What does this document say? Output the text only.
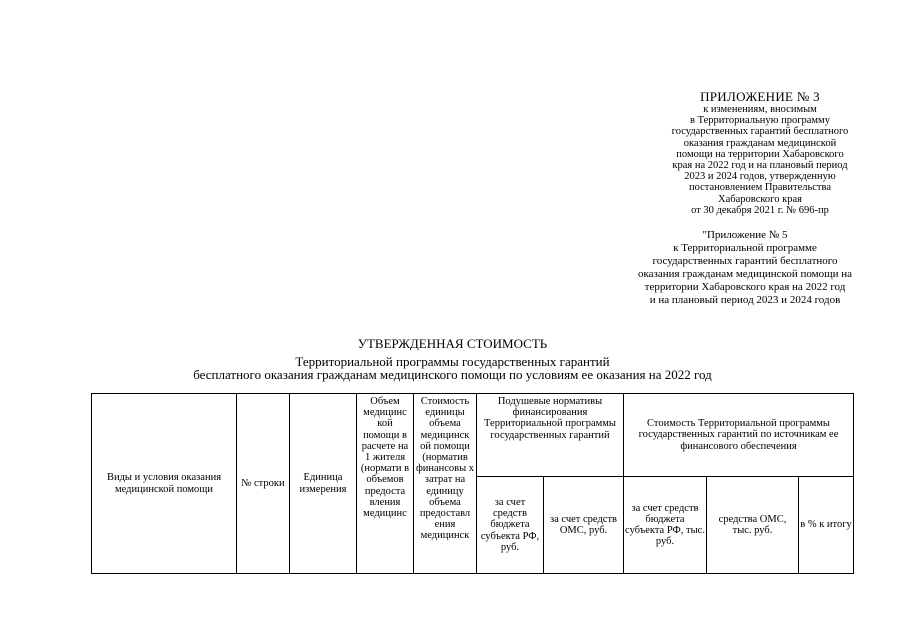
ПРИЛОЖЕНИЕ № 3
к изменениям, вносимым
в Территориальную программу
государственных гарантий бесплатного
оказания гражданам медицинской
помощи на территории Хабаровского
края на 2022 год и на плановый период
2023 и 2024 годов, утвержденную
постановлением Правительства
Хабаровского края
от 30 декабря 2021 г. № 696-пр
"Приложение № 5
к Территориальной программе
государственных гарантий бесплатного
оказания гражданам медицинской помощи на
территории Хабаровского края на 2022 год
и на плановый период 2023 и 2024 годов
УТВЕРЖДЕННАЯ СТОИМОСТЬ
Территориальной программы государственных гарантий
бесплатного оказания гражданам медицинского помощи по условиям ее оказания на 2022 год
Виды и условия оказания медицинской помощи	№ строки	Единица измерения	Объем медицинс кой помощи в расчете на 1 жителя (нормати в объемов предоста вления медицинс	Стоимость единицы объема медицинск ой помощи (норматив финансовы х затрат на единицу объема предоставл ения медицинск	Подушевые нормативы финансирования Территориальной программы государственных гарантий		Стоимость Территориальной программы государственных гарантий по источникам ее финансового обеспечения		
					за счет средств бюджета субъекта РФ, руб.	за счет средств ОМС, руб.	за счет средств бюджета субъекта РФ, тыс. руб.	средства ОМС, тыс. руб.	в % к итогу
